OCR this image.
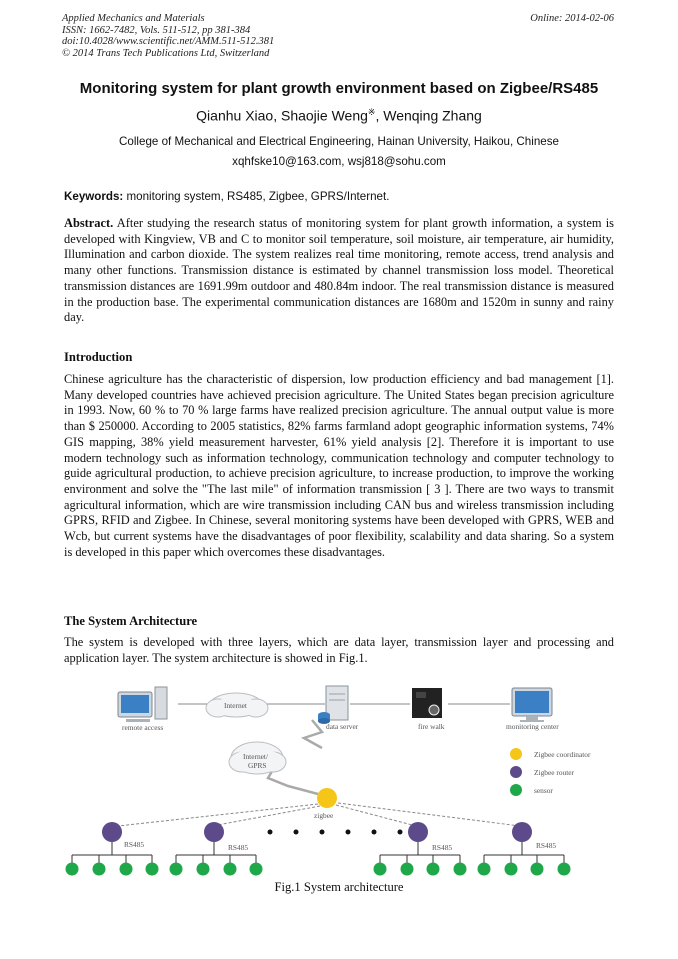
Applied Mechanics and Materials
ISSN: 1662-7482, Vols. 511-512, pp 381-384
doi:10.4028/www.scientific.net/AMM.511-512.381
© 2014 Trans Tech Publications Ltd, Switzerland
Online: 2014-02-06
Monitoring system for plant growth environment based on Zigbee/RS485
Qianhu Xiao, Shaojie Weng※, Wenqing Zhang
College of Mechanical and Electrical Engineering, Hainan University, Haikou, Chinese
xqhfske10@163.com, wsj818@sohu.com
Keywords: monitoring system, RS485, Zigbee, GPRS/Internet.
Abstract. After studying the research status of monitoring system for plant growth information, a system is developed with Kingview, VB and C to monitor soil temperature, soil moisture, air temperature, air humidity, Illumination and carbon dioxide. The system realizes real time monitoring, remote access, trend analysis and many other functions. Transmission distance is estimated by channel transmission loss model. Theoretical transmission distances are 1691.99m outdoor and 480.84m indoor. The real transmission distance is measured in the production base. The experimental communication distances are 1680m and 1520m in sunny and rainy day.
Introduction
Chinese agriculture has the characteristic of dispersion, low production efficiency and bad management [1]. Many developed countries have achieved precision agriculture. The United States began precision agriculture in 1993. Now, 60 % to 70 % large farms have realized precision agriculture. The annual output value is more than $ 250000. According to 2005 statistics, 82% farms farmland adopt geographic information systems, 74% GIS mapping, 38% yield measurement harvester, 61% yield analysis [2]. Therefore it is important to use modern technology such as information technology, communication technology and computer technology to guide agricultural production, to achieve precision agriculture, to increase production, to improve the working environment and solve the "The last mile" of information transmission [ 3 ]. There are two ways to transmit agricultural information, which are wire transmission including CAN bus and wireless transmission including GPRS, RFID and Zigbee. In Chinese, several monitoring systems have been developed with GPRS, WEB and Wcb, but current systems have the disadvantages of poor flexibility, scalability and data sharing. So a system is developed in this paper which overcomes these disadvantages.
The System Architecture
The system is developed with three layers, which are data layer, transmission layer and processing and application layer. The system architecture is showed in Fig.1.
remote access
Internet
data server	fire walk	monitoring center
Internet/
GPRS
Zigbee coordinator
Zigbee router
sensor
zigbee
RS485	RS485	RS485	RS485
Fig.1 System architecture
